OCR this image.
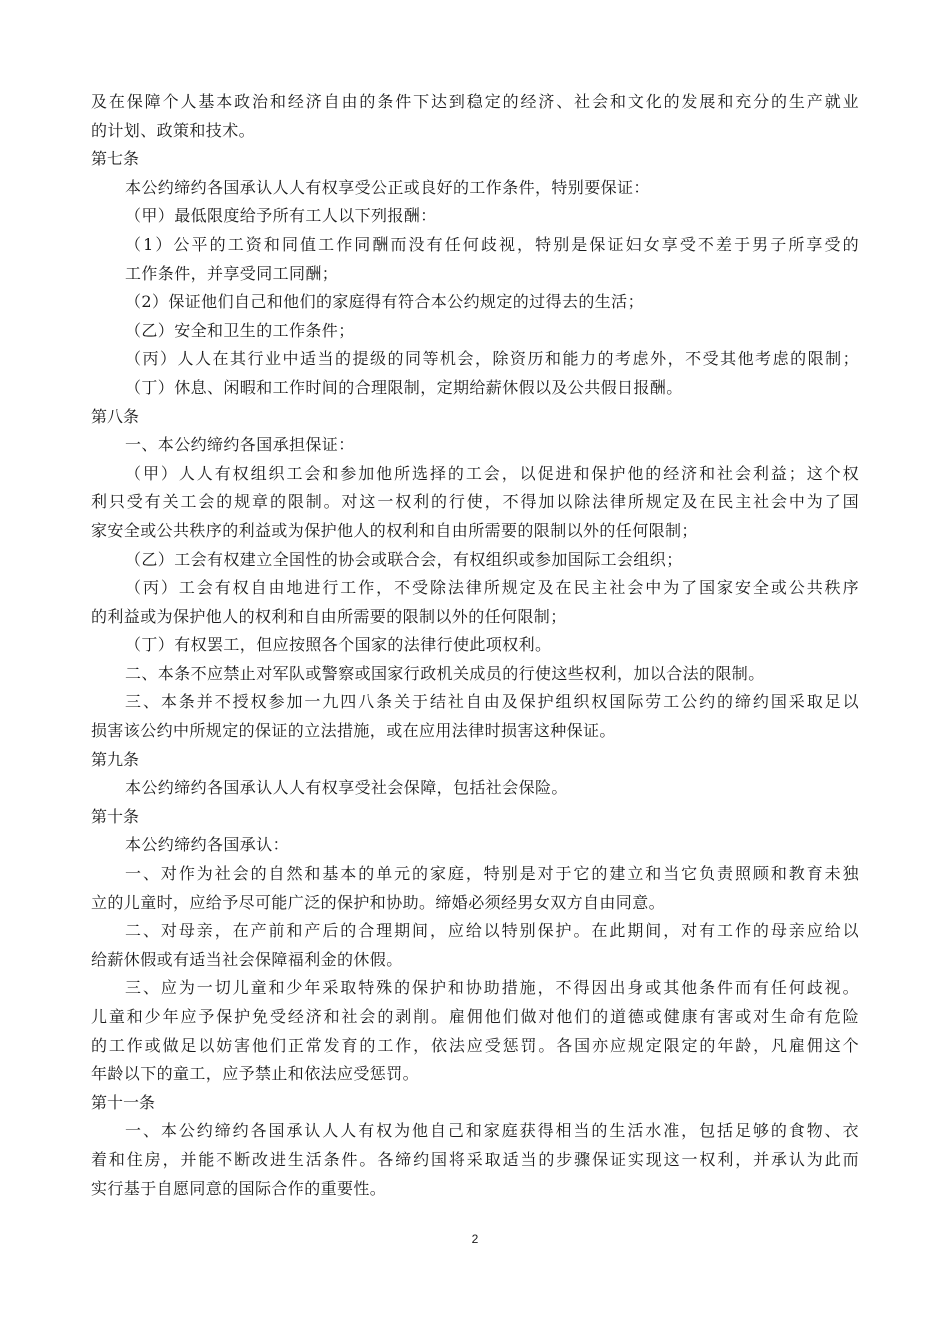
及在保障个人基本政治和经济自由的条件下达到稳定的经济、社会和文化的发展和充分的生产就业
的计划、政策和技术。
第七条
本公约缔约各国承认人人有权享受公正或良好的工作条件，特别要保证：
（甲）最低限度给予所有工人以下列报酬：
（1）公平的工资和同值工作同酬而没有任何歧视，特别是保证妇女享受不差于男子所享受的
工作条件，并享受同工同酬；
（2）保证他们自己和他们的家庭得有符合本公约规定的过得去的生活；
（乙）安全和卫生的工作条件；
（丙）人人在其行业中适当的提级的同等机会，除资历和能力的考虑外，不受其他考虑的限制；
（丁）休息、闲暇和工作时间的合理限制，定期给薪休假以及公共假日报酬。
第八条
一、本公约缔约各国承担保证：
（甲）人人有权组织工会和参加他所选择的工会，以促进和保护他的经济和社会利益；这个权
利只受有关工会的规章的限制。对这一权利的行使，不得加以除法律所规定及在民主社会中为了国
家安全或公共秩序的利益或为保护他人的权利和自由所需要的限制以外的任何限制；
（乙）工会有权建立全国性的协会或联合会，有权组织或参加国际工会组织；
（丙）工会有权自由地进行工作，不受除法律所规定及在民主社会中为了国家安全或公共秩序
的利益或为保护他人的权利和自由所需要的限制以外的任何限制；
（丁）有权罢工，但应按照各个国家的法律行使此项权利。
二、本条不应禁止对军队或警察或国家行政机关成员的行使这些权利，加以合法的限制。
三、本条并不授权参加一九四八条关于结社自由及保护组织权国际劳工公约的缔约国采取足以
损害该公约中所规定的保证的立法措施，或在应用法律时损害这种保证。
第九条
本公约缔约各国承认人人有权享受社会保障，包括社会保险。
第十条
本公约缔约各国承认：
一、对作为社会的自然和基本的单元的家庭，特别是对于它的建立和当它负责照顾和教育未独
立的儿童时，应给予尽可能广泛的保护和协助。缔婚必须经男女双方自由同意。
二、对母亲，在产前和产后的合理期间，应给以特别保护。在此期间，对有工作的母亲应给以
给薪休假或有适当社会保障福利金的休假。
三、应为一切儿童和少年采取特殊的保护和协助措施，不得因出身或其他条件而有任何歧视。
儿童和少年应予保护免受经济和社会的剥削。雇佣他们做对他们的道德或健康有害或对生命有危险
的工作或做足以妨害他们正常发育的工作，依法应受惩罚。各国亦应规定限定的年龄，凡雇佣这个
年龄以下的童工，应予禁止和依法应受惩罚。
第十一条
一、本公约缔约各国承认人人有权为他自己和家庭获得相当的生活水准，包括足够的食物、衣
着和住房，并能不断改进生活条件。各缔约国将采取适当的步骤保证实现这一权利，并承认为此而
实行基于自愿同意的国际合作的重要性。
2
